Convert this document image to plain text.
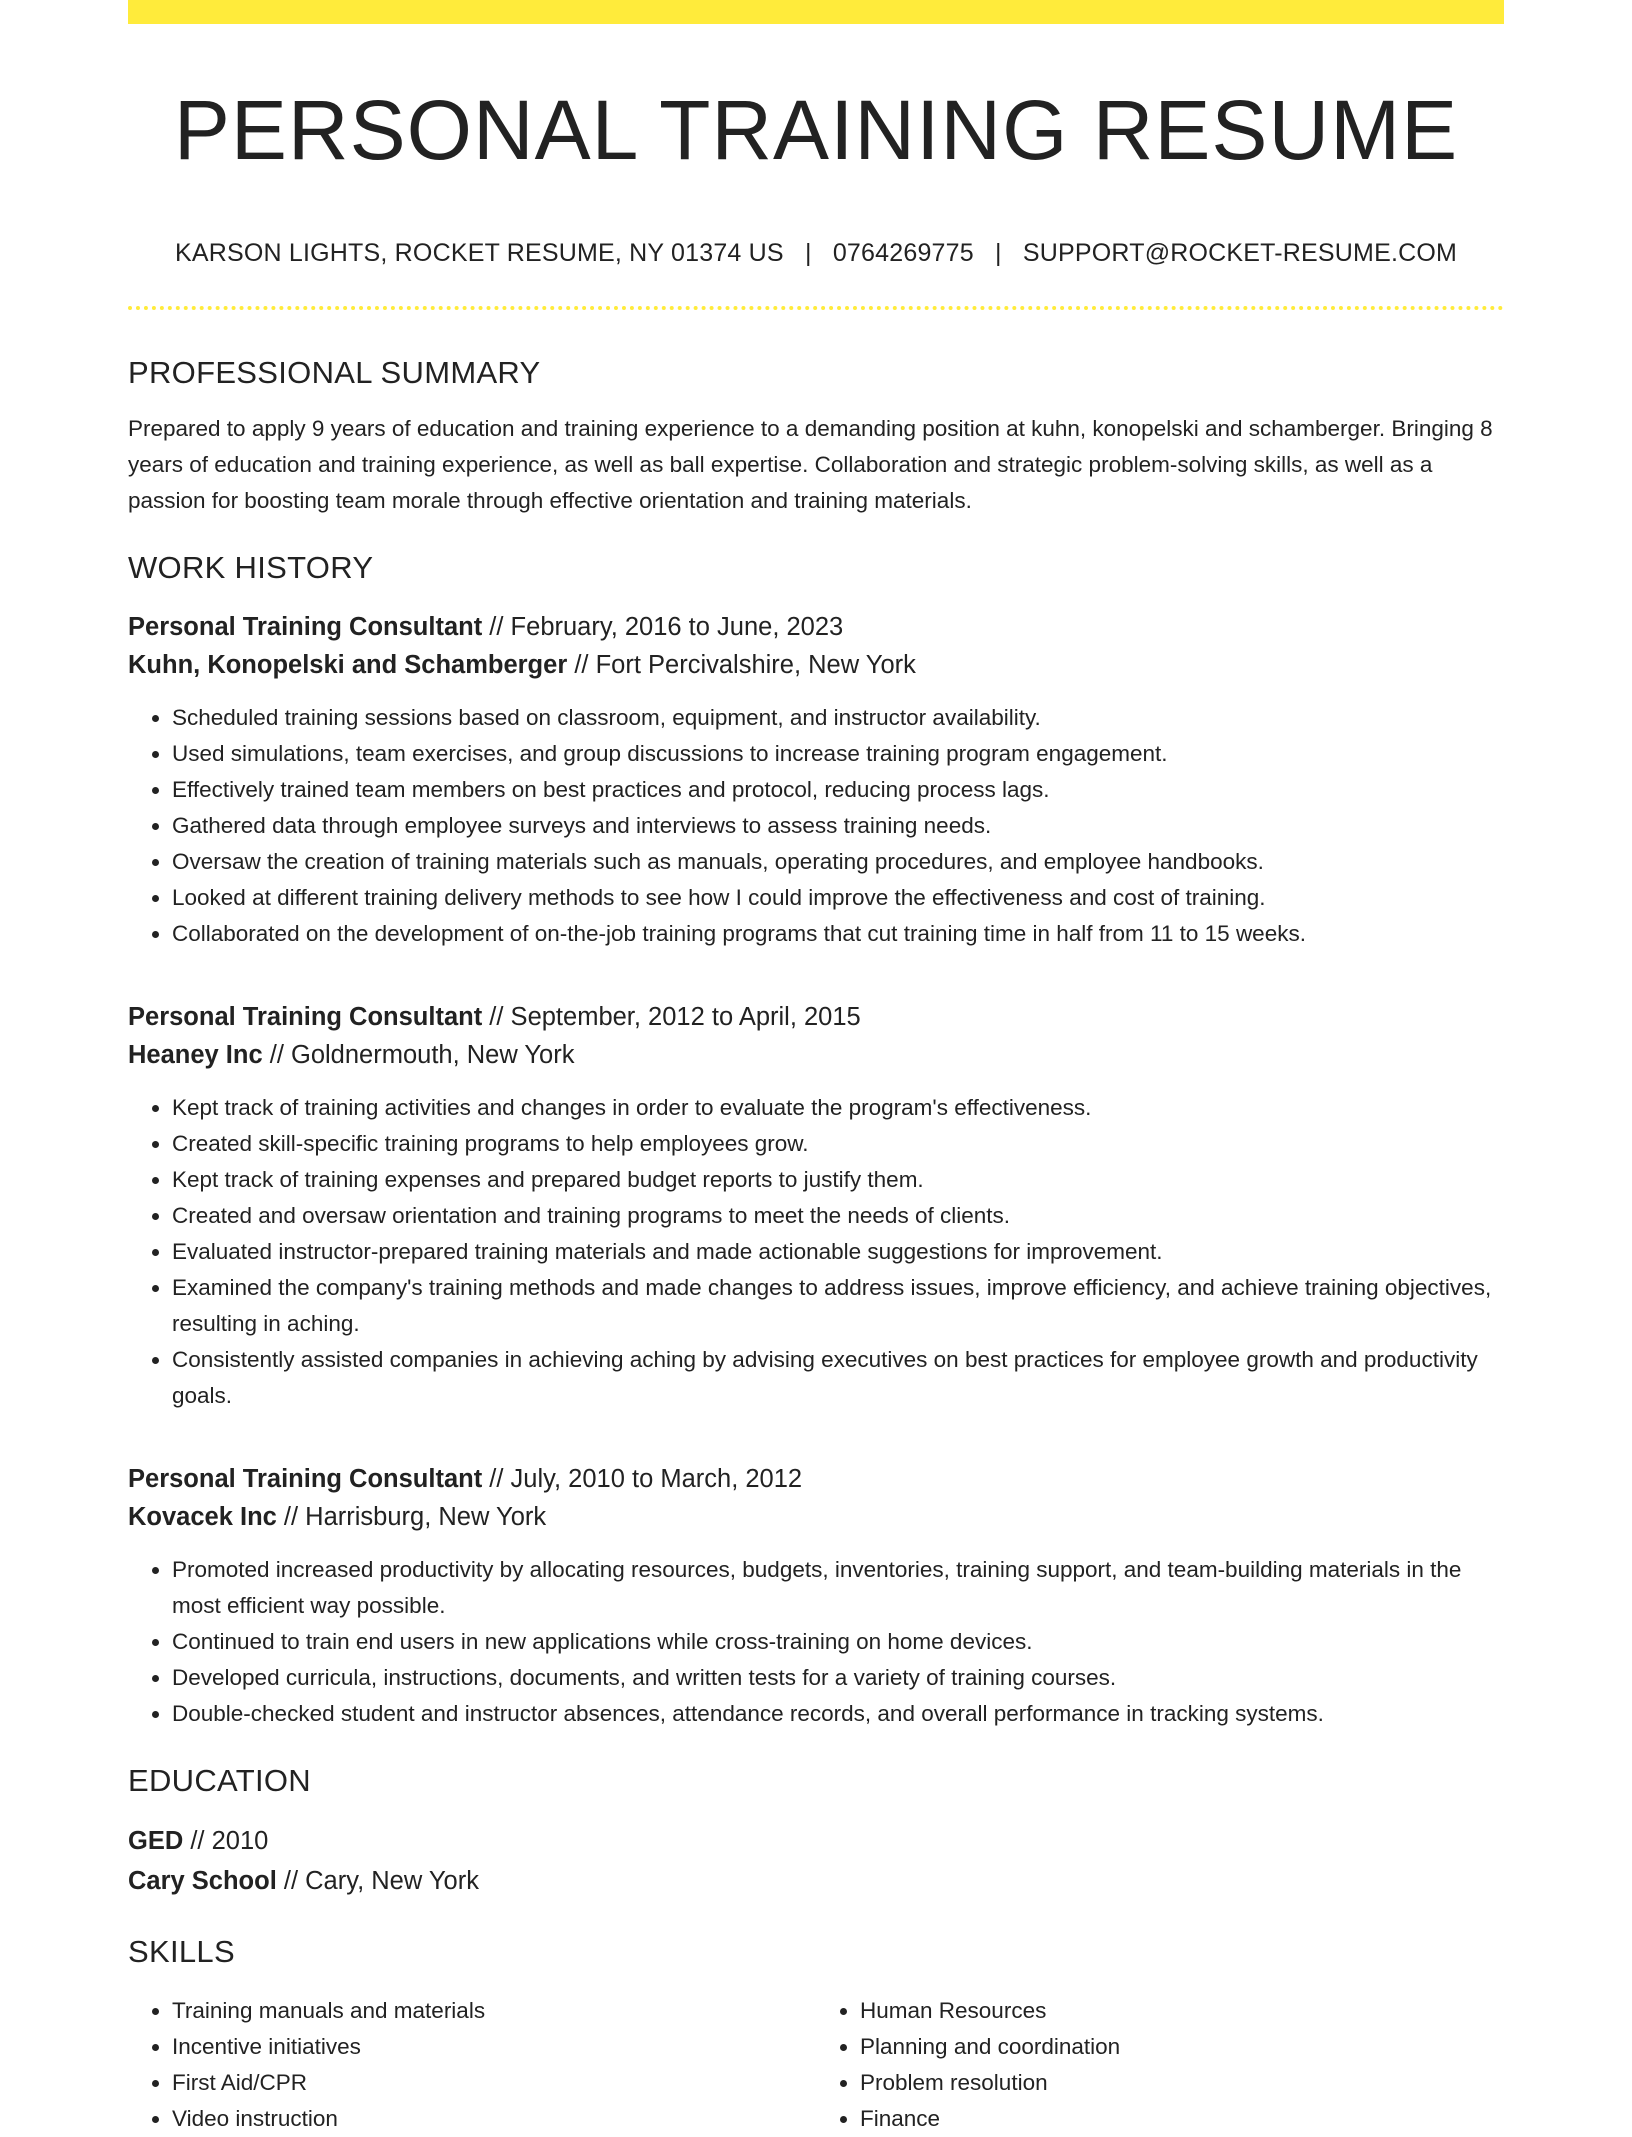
PERSONAL TRAINING RESUME
KARSON LIGHTS, ROCKET RESUME, NY 01374 US | 0764269775 | SUPPORT@ROCKET-RESUME.COM
PROFESSIONAL SUMMARY
Prepared to apply 9 years of education and training experience to a demanding position at kuhn, konopelski and schamberger. Bringing 8 years of education and training experience, as well as ball expertise. Collaboration and strategic problem-solving skills, as well as a passion for boosting team morale through effective orientation and training materials.
WORK HISTORY
Personal Training Consultant // February, 2016 to June, 2023
Kuhn, Konopelski and Schamberger // Fort Percivalshire, New York
• Scheduled training sessions based on classroom, equipment, and instructor availability.
• Used simulations, team exercises, and group discussions to increase training program engagement.
• Effectively trained team members on best practices and protocol, reducing process lags.
• Gathered data through employee surveys and interviews to assess training needs.
• Oversaw the creation of training materials such as manuals, operating procedures, and employee handbooks.
• Looked at different training delivery methods to see how I could improve the effectiveness and cost of training.
• Collaborated on the development of on-the-job training programs that cut training time in half from 11 to 15 weeks.
Personal Training Consultant // September, 2012 to April, 2015
Heaney Inc // Goldnermouth, New York
• Kept track of training activities and changes in order to evaluate the program's effectiveness.
• Created skill-specific training programs to help employees grow.
• Kept track of training expenses and prepared budget reports to justify them.
• Created and oversaw orientation and training programs to meet the needs of clients.
• Evaluated instructor-prepared training materials and made actionable suggestions for improvement.
• Examined the company's training methods and made changes to address issues, improve efficiency, and achieve training objectives, resulting in aching.
• Consistently assisted companies in achieving aching by advising executives on best practices for employee growth and productivity goals.
Personal Training Consultant // July, 2010 to March, 2012
Kovacek Inc // Harrisburg, New York
• Promoted increased productivity by allocating resources, budgets, inventories, training support, and team-building materials in the most efficient way possible.
• Continued to train end users in new applications while cross-training on home devices.
• Developed curricula, instructions, documents, and written tests for a variety of training courses.
• Double-checked student and instructor absences, attendance records, and overall performance in tracking systems.
EDUCATION
GED // 2010
Cary School // Cary, New York
SKILLS
• Training manuals and materials
• Incentive initiatives
• First Aid/CPR
• Video instruction
• Human Resources
• Planning and coordination
• Problem resolution
• Finance
